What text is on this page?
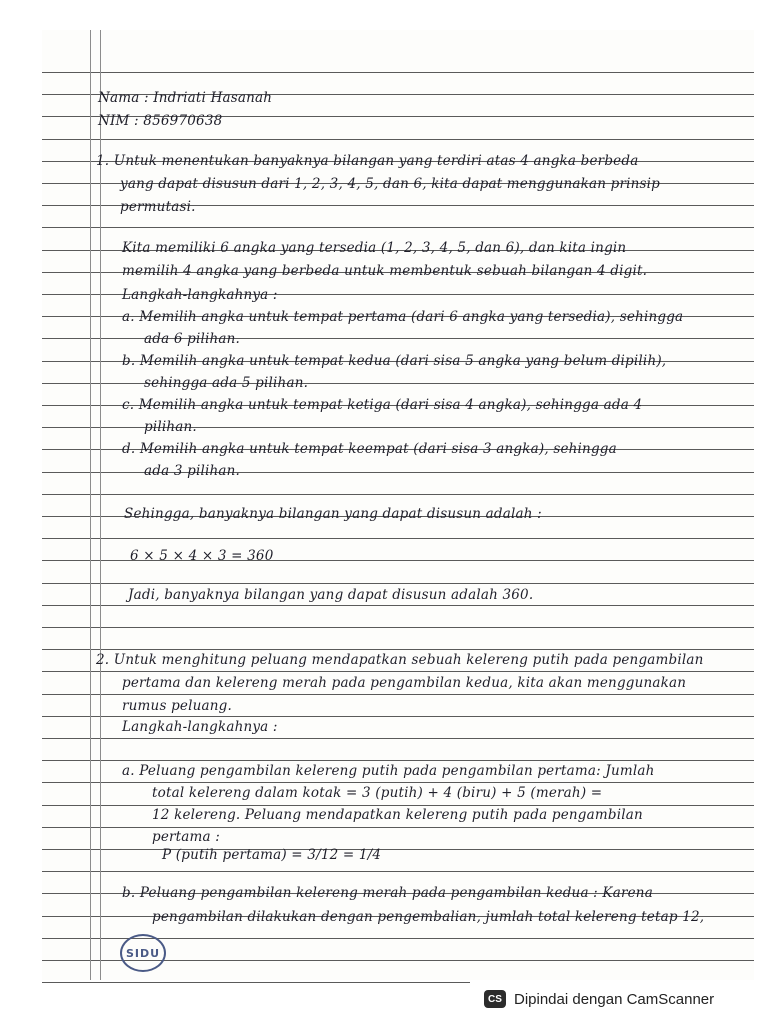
Nama : Indriati Hasanah
NIM : 856970638
1. Untuk menentukan banyaknya bilangan yang terdiri atas 4 angka berbeda
yang dapat disusun dari 1, 2, 3, 4, 5, dan 6, kita dapat menggunakan prinsip
permutasi.
Kita memiliki 6 angka yang tersedia (1, 2, 3, 4, 5, dan 6), dan kita ingin
memilih 4 angka yang berbeda untuk membentuk sebuah bilangan 4 digit.
Langkah-langkahnya :
a. Memilih angka untuk tempat pertama (dari 6 angka yang tersedia), sehingga
ada 6 pilihan.
b. Memilih angka untuk tempat kedua (dari sisa 5 angka yang belum dipilih),
sehingga ada 5 pilihan.
c. Memilih angka untuk tempat ketiga (dari sisa 4 angka), sehingga ada 4
pilihan.
d. Memilih angka untuk tempat keempat (dari sisa 3 angka), sehingga
ada 3 pilihan.
Sehingga, banyaknya bilangan yang dapat disusun adalah :
6 × 5 × 4 × 3 = 360
Jadi, banyaknya bilangan yang dapat disusun adalah 360.
2. Untuk menghitung peluang mendapatkan sebuah kelereng putih pada pengambilan
pertama dan kelereng merah pada pengambilan kedua, kita akan menggunakan
rumus peluang.
Langkah-langkahnya :
a. Peluang pengambilan kelereng putih pada pengambilan pertama: Jumlah
total kelereng dalam kotak = 3 (putih) + 4 (biru) + 5 (merah) =
12 kelereng. Peluang mendapatkan kelereng putih pada pengambilan
pertama :
P (putih pertama) = 3/12 = 1/4
b. Peluang pengambilan kelereng merah pada pengambilan kedua : Karena
pengambilan dilakukan dengan pengembalian, jumlah total kelereng tetap 12,
SIDU
CS Dipindai dengan CamScanner
